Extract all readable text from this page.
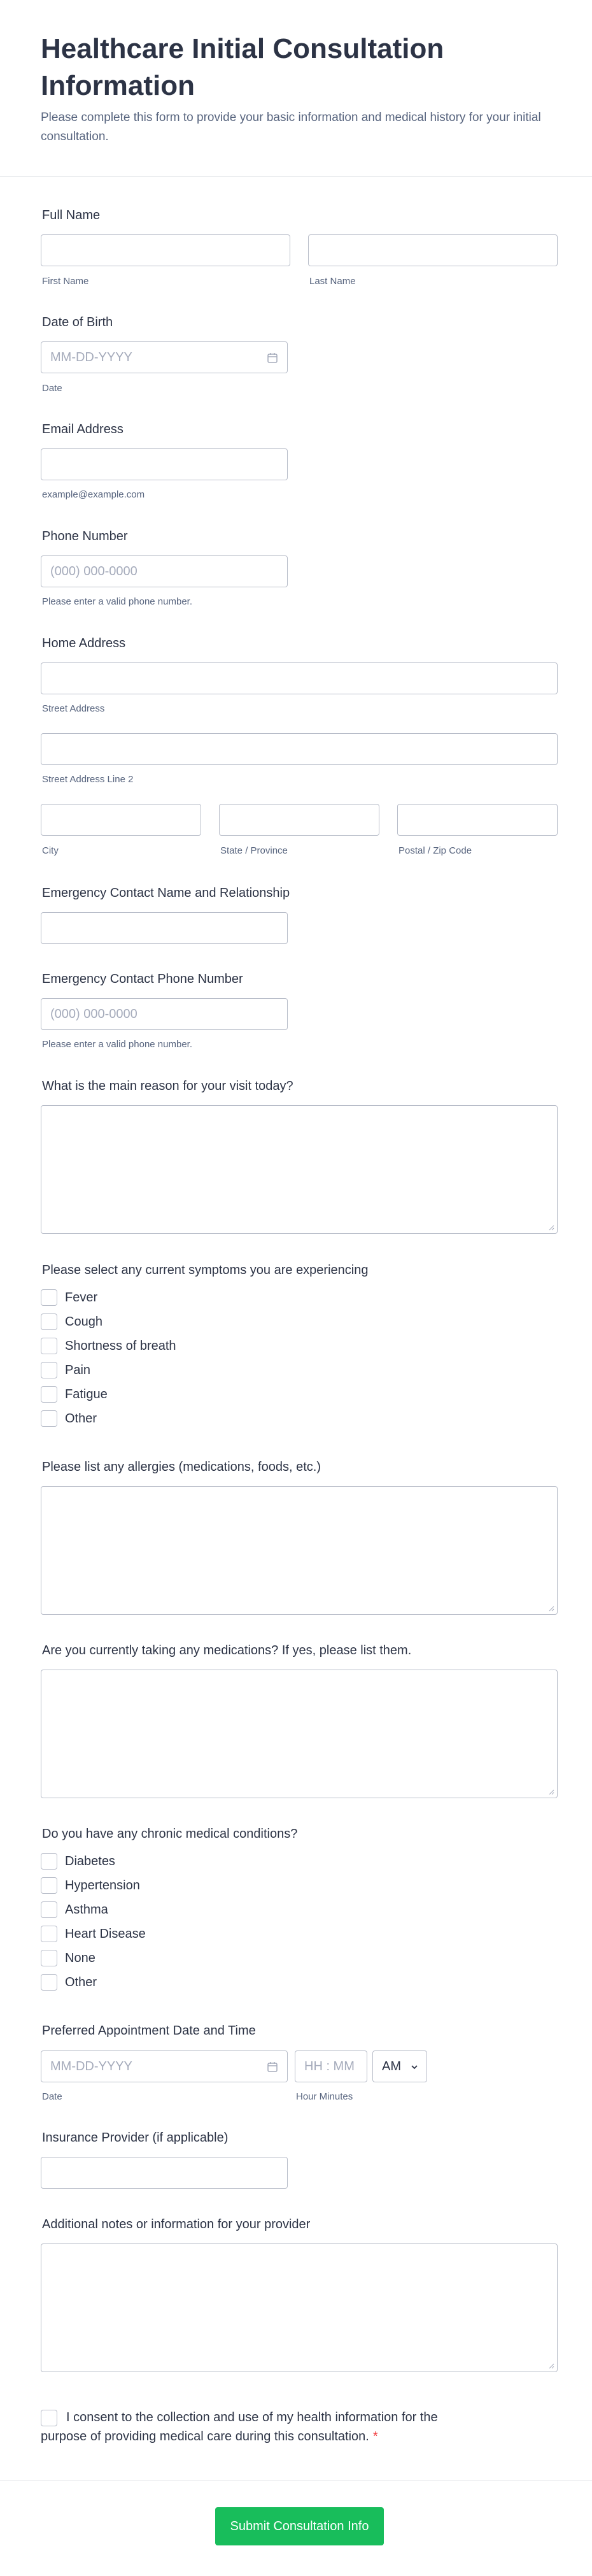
Healthcare Initial Consultation Information
Please complete this form to provide your basic information and medical history for your initial consultation.
Full Name
First Name	Last Name
Date of Birth
MM-DD-YYYY
Date
Email Address
example@example.com
Phone Number
(000) 000-0000
Please enter a valid phone number.
Home Address
Street Address
Street Address Line 2
City	State / Province	Postal / Zip Code
Emergency Contact Name and Relationship
Emergency Contact Phone Number
(000) 000-0000
Please enter a valid phone number.
What is the main reason for your visit today?
Please select any current symptoms you are experiencing
Fever
Cough
Shortness of breath
Pain
Fatigue
Other
Please list any allergies (medications, foods, etc.)
Are you currently taking any medications? If yes, please list them.
Do you have any chronic medical conditions?
Diabetes
Hypertension
Asthma
Heart Disease
None
Other
Preferred Appointment Date and Time
MM-DD-YYYY	HH : MM AM
Date	Hour Minutes
Insurance Provider (if applicable)
Additional notes or information for your provider
I consent to the collection and use of my health information for the purpose of providing medical care during this consultation. *
Submit Consultation Info
